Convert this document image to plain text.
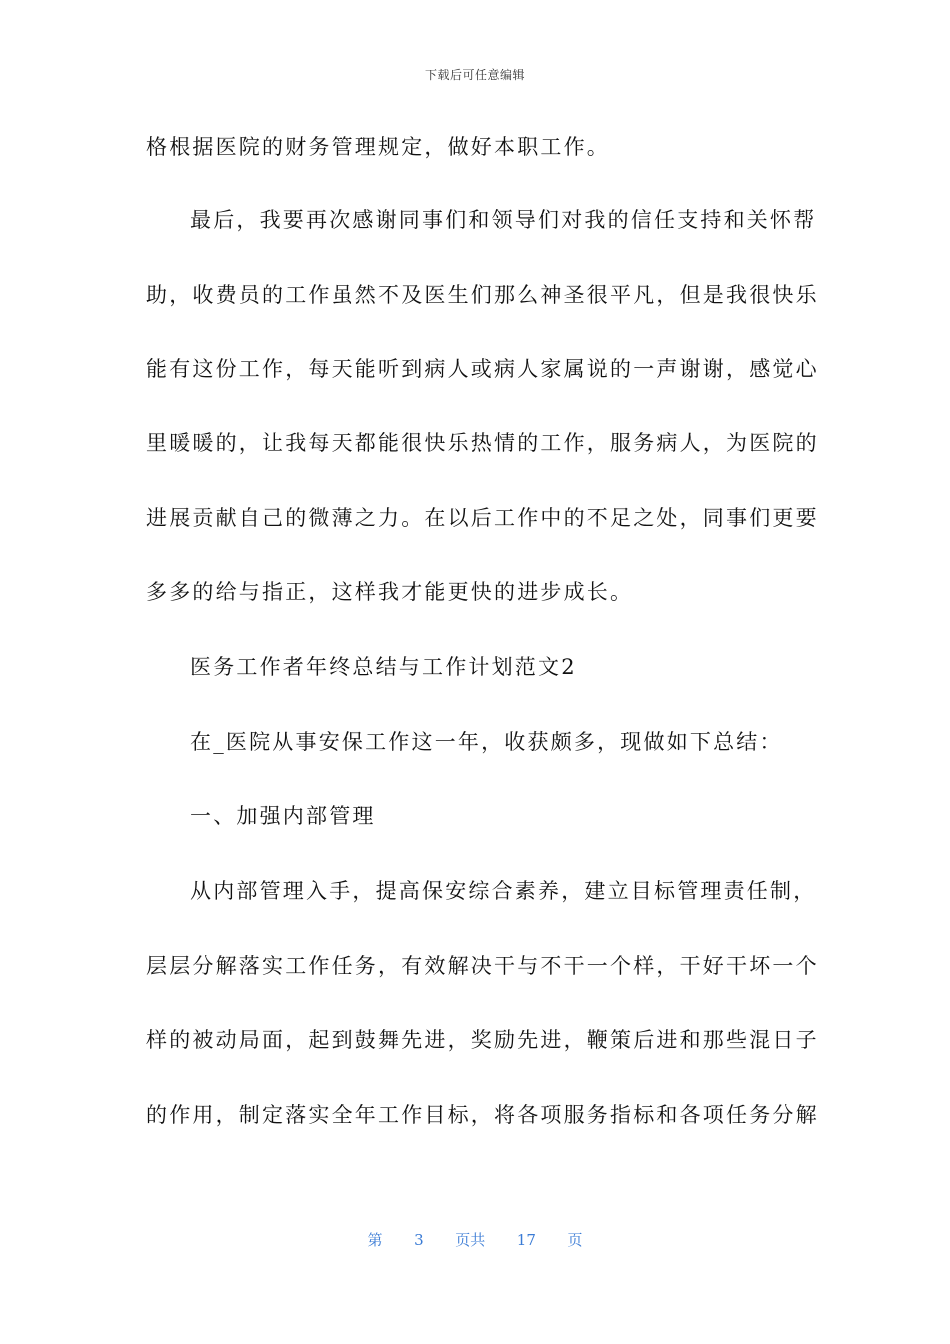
下载后可任意编辑
格根据医院的财务管理规定，做好本职工作。
最后，我要再次感谢同事们和领导们对我的信任支持和关怀帮
助，收费员的工作虽然不及医生们那么神圣很平凡，但是我很快乐
能有这份工作，每天能听到病人或病人家属说的一声谢谢，感觉心
里暖暖的，让我每天都能很快乐热情的工作，服务病人，为医院的
进展贡献自己的微薄之力。在以后工作中的不足之处，同事们更要
多多的给与指正，这样我才能更快的进步成长。
医务工作者年终总结与工作计划范文2
在_医院从事安保工作这一年，收获颇多，现做如下总结：
一、加强内部管理
从内部管理入手，提高保安综合素养，建立目标管理责任制，
层层分解落实工作任务，有效解决干与不干一个样，干好干坏一个
样的被动局面，起到鼓舞先进，奖励先进，鞭策后进和那些混日子
的作用，制定落实全年工作目标，将各项服务指标和各项任务分解
第 3 页共 17 页
